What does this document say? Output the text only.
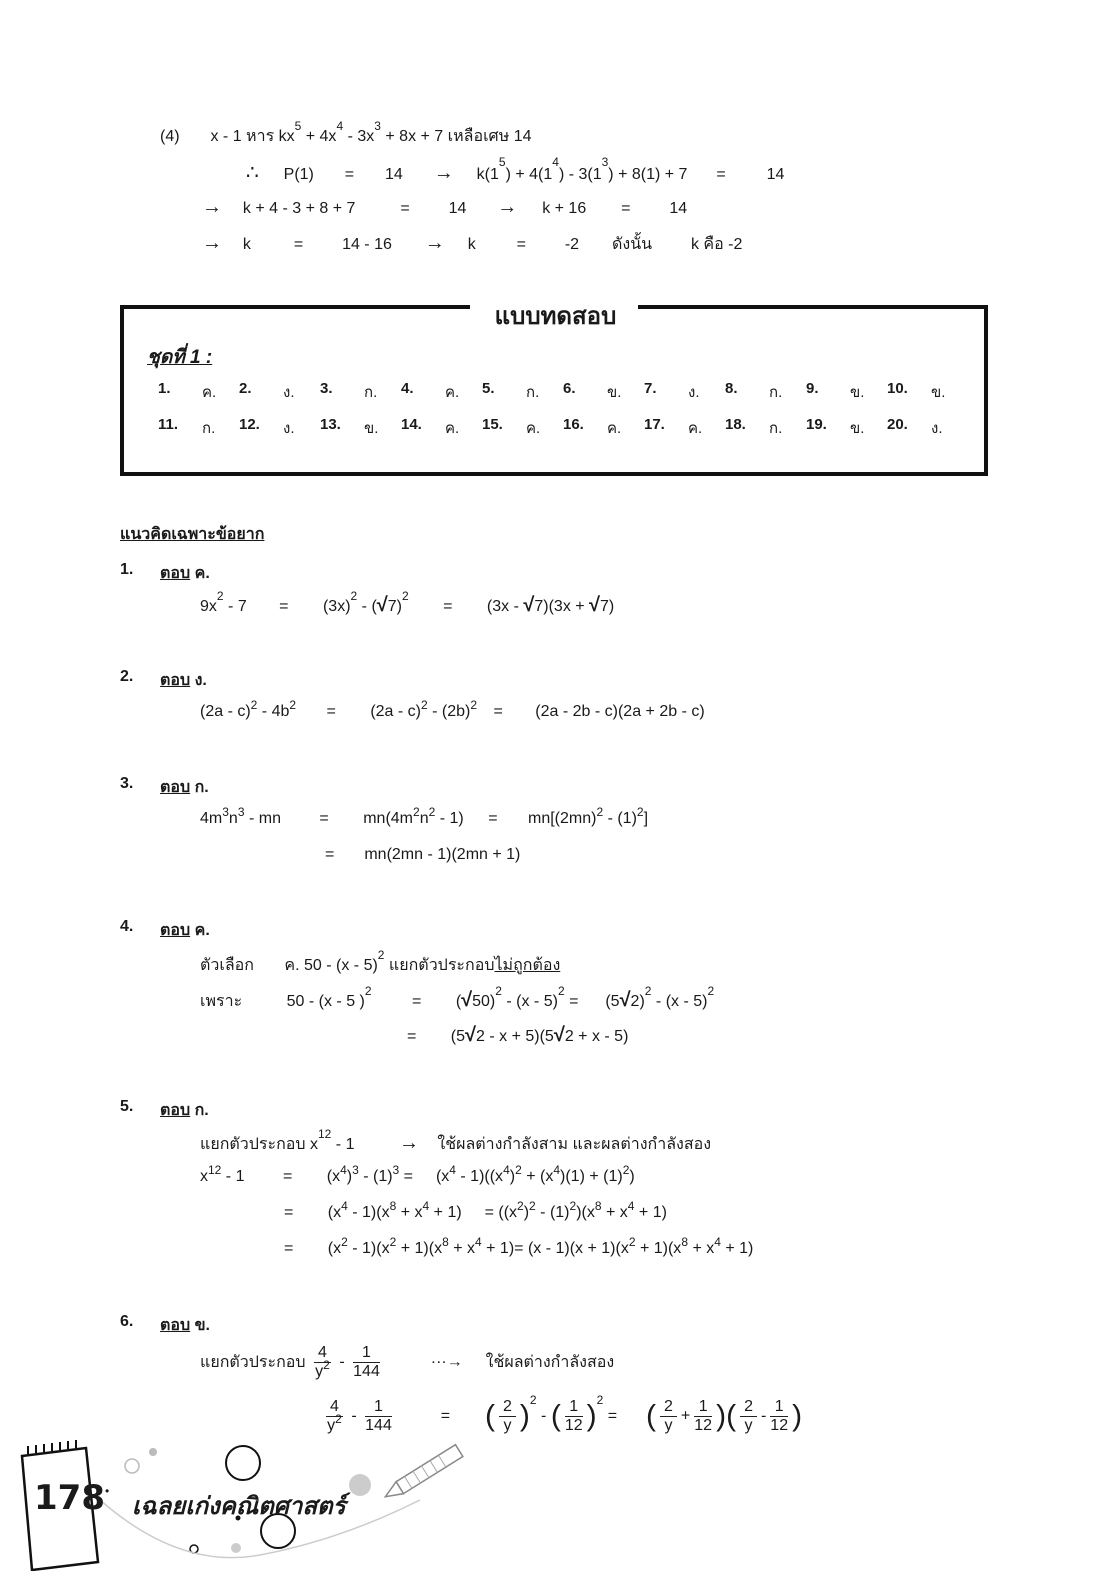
(4) x - 1 หาร $kx^5 + 4x^4 - 3x^3 + 8x + 7$ เหลือเศษ 14
∴ $P(1) = 14 \to k(1^5) + 4(1^4) - 3(1^3) + 8(1) + 7$ =	14
→ k + 4 - 3 + 8 + 7	= 14 → k + 16 = 14
→ k	= 14 - 16 → k	= -2 ดังนั้น k คือ -2
แบบทดสอบ
ชุดที่ 1 :
1.	ค. 2.	ง. 3.	ก. 4.	ค. 5.	ก. 6.	ข. 7.	ง. 8.	ก. 9.	ข. 10.	ข.
11.	ก. 12.	ง. 13.	ข. 14.	ค. 15.	ค. 16.	ค. 17.	ค. 18.	ก. 19.	ข. 20.	ง.
แนวคิดเฉพาะข้อยาก
1. ตอบ ค.
$9x^2 - 7 = (3x)^2 - (√7)^2 = (3x - √7)(3x + √7)$
2. ตอบ ง.
$(2a - c)^2 - 4b^2 = (2a - c)^2 - (2b)^2 = (2a - 2b - c)(2a + 2b - c)$
3. ตอบ ก.
$4m^3n^3$ - mn = $mn(4m^2n^2 - 1) = mn[(2mn)^2 - (1)^2]$
= mn(2mn - 1)(2mn + 1)
4. ตอบ ค.
ตัวเลือก ค. 50 - (x - 5)$^2$ แยกตัวประกอบไม่ถูกต้อง
เพราะ	50 - (x - 5 )$^2 = (√50)^2 - (x - 5)^2 = (5√2)^2 - (x - 5)^2$
= (5√2 - x + 5)(5√2 + x - 5)
5. ตอบ ก.
แยกตัวประกอบ $x^{12} - 1$ → ใช้ผลต่างกำลังสาม และผลต่างกำลังสอง
$x^{12} - 1 = (x^4)^3 - (1)^3 = (x^4 - 1)((x^4)^2 + (x^4)(1) + (1)^2)$
= $(x^4 - 1)(x^8 + x^4 + 1) = ((x^2)^2 - (1)^2)(x^8 + x^4 + 1)$
= $(x^2 - 1)(x^2 + 1)(x^8 + x^4 + 1)= (x - 1)(x + 1)(x^2 + 1)(x^8 + x^4 + 1)$
6. ตอบ ข.
แยกตัวประกอบ $\frac{4}{y^2} - \frac{1}{144}$	···→ ใช้ผลต่างกำลังสอง
$\frac{4}{y^2} - \frac{1}{144}$	= ( $\frac{2}{y} )^2$ - ( $\frac{1}{12} )^2$ = ( $\frac{2}{y} + \frac{1}{12}$ )( $\frac{2}{y} - \frac{1}{12}$ )
178 •
เฉลยเก่งคณิตศาสตร์
